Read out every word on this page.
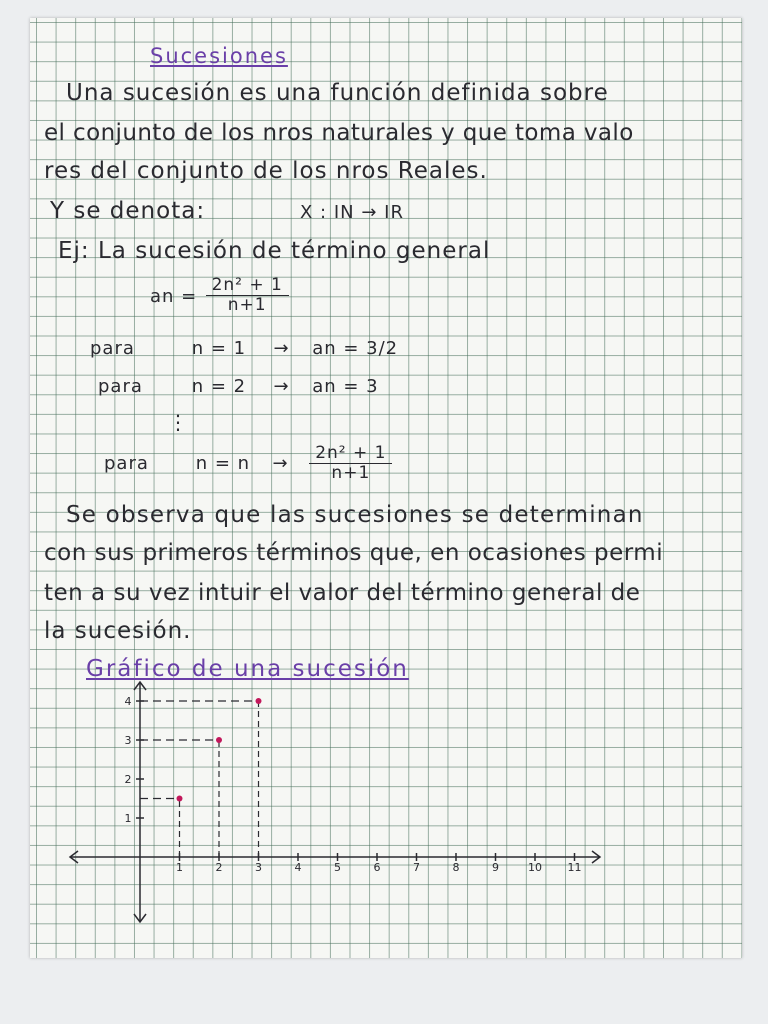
Sucesiones
Una sucesión es una función definida sobre
el conjunto de los nros naturales y que toma valo
res del conjunto de los nros Reales.
Y se denota:	X : IN → IR
Ej: La sucesión de término general
an = $\frac{\text{2n² + 1}}{n+1}$
para	n = 1 → an = 3/2
para	n = 2 → an = 3
⋮
para	$n = n \to \frac{\text{2n² + 1}}{n+1}$
Se observa que las sucesiones se determinan
con sus primeros términos que, en ocasiones permi
ten a su vez intuir el valor del término general de
la sucesión.
Gráfico de una sucesión
1	2	3	4	5	6	7	8	9	10 11
1
2
3
4
